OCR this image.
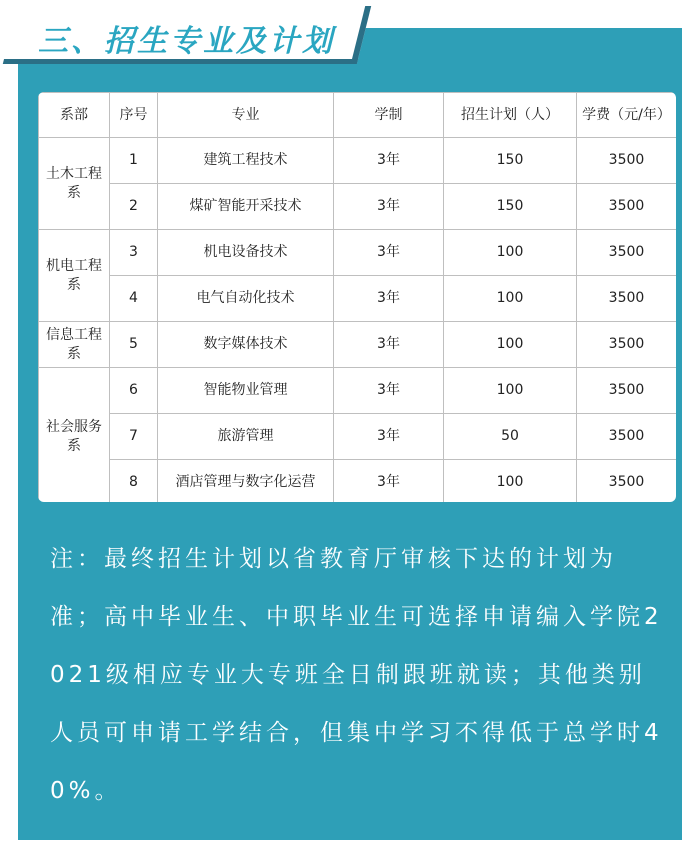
三、招生专业及计划
系部	序号	专业	学制	招生计划（人）	学费（元/年）
土木工程系	1	建筑工程技术	3年	150	3500
	2	煤矿智能开采技术	3年	150	3500
机电工程系	3	机电设备技术	3年	100	3500
	4	电气自动化技术	3年	100	3500
信息工程系	5	数字媒体技术	3年	100	3500
社会服务系	6	智能物业管理	3年	100	3500
	7	旅游管理	3年	50	3500
	8	酒店管理与数字化运营	3年	100	3500
注：最终招生计划以省教育厅审核下达的计划为准；高中毕业生、中职毕业生可选择申请编入学院2021级相应专业大专班全日制跟班就读；其他类别人员可申请工学结合，但集中学习不得低于总学时40%。
